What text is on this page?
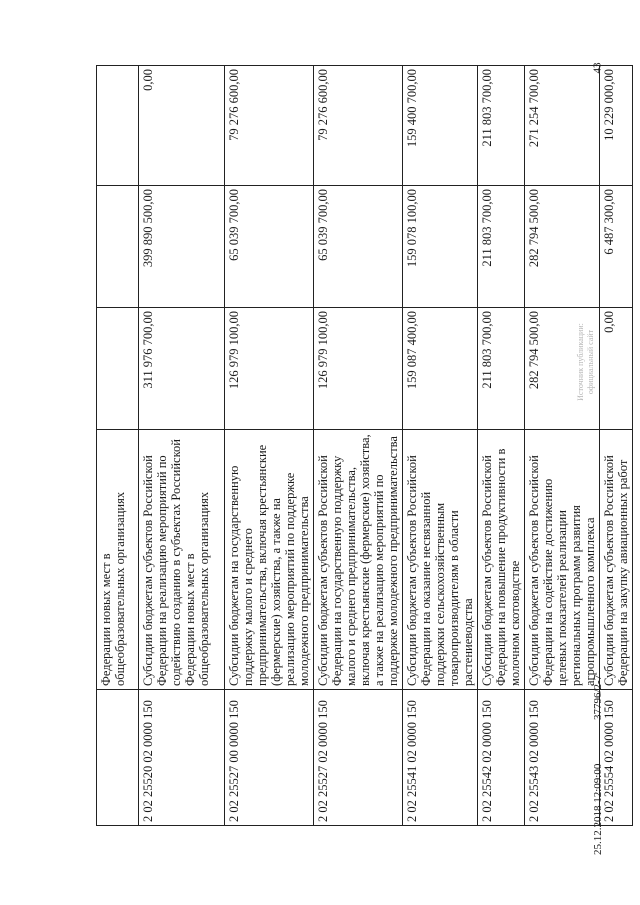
43
Источник публикации: официальный сайт
	Федерации новых мест в общеобразовательных организациях			
2 02 25520 02 0000 150	Субсидии бюджетам субъектов Российской Федерации на реализацию мероприятий по содействию созданию в субъектах Российской Федерации новых мест в общеобразовательных организациях	311 976 700,00	399 890 500,00	0,00
2 02 25527 00 0000 150	Субсидии бюджетам на государственную поддержку малого и среднего предпринимательства, включая крестьянские (фермерские) хозяйства, а также на реализацию мероприятий по поддержке молодежного предпринимательства	126 979 100,00	65 039 700,00	79 276 600,00
2 02 25527 02 0000 150	Субсидии бюджетам субъектов Российской Федерации на государственную поддержку малого и среднего предпринимательства, включая крестьянские (фермерские) хозяйства, а также на реализацию мероприятий по поддержке молодежного предпринимательства	126 979 100,00	65 039 700,00	79 276 600,00
2 02 25541 02 0000 150	Субсидии бюджетам субъектов Российской Федерации на оказание несвязанной поддержки сельскохозяйственным товаропроизводителям в области растениеводства	159 087 400,00	159 078 100,00	159 400 700,00
2 02 25542 02 0000 150	Субсидии бюджетам субъектов Российской Федерации на повышение продуктивности в молочном скотоводстве	211 803 700,00	211 803 700,00	211 803 700,00
2 02 25543 02 0000 150	Субсидии бюджетам субъектов Российской Федерации на содействие достижению целевых показателей реализации региональных программ развития агропромышленного комплекса	282 794 500,00	282 794 500,00	271 254 700,00
2 02 25554 02 0000 150	Субсидии бюджетам субъектов Российской Федерации на закупку авиационных работ	0,00	6 487 300,00	10 229 000,00
25.12.2018 12:09:00
37796/2-7
